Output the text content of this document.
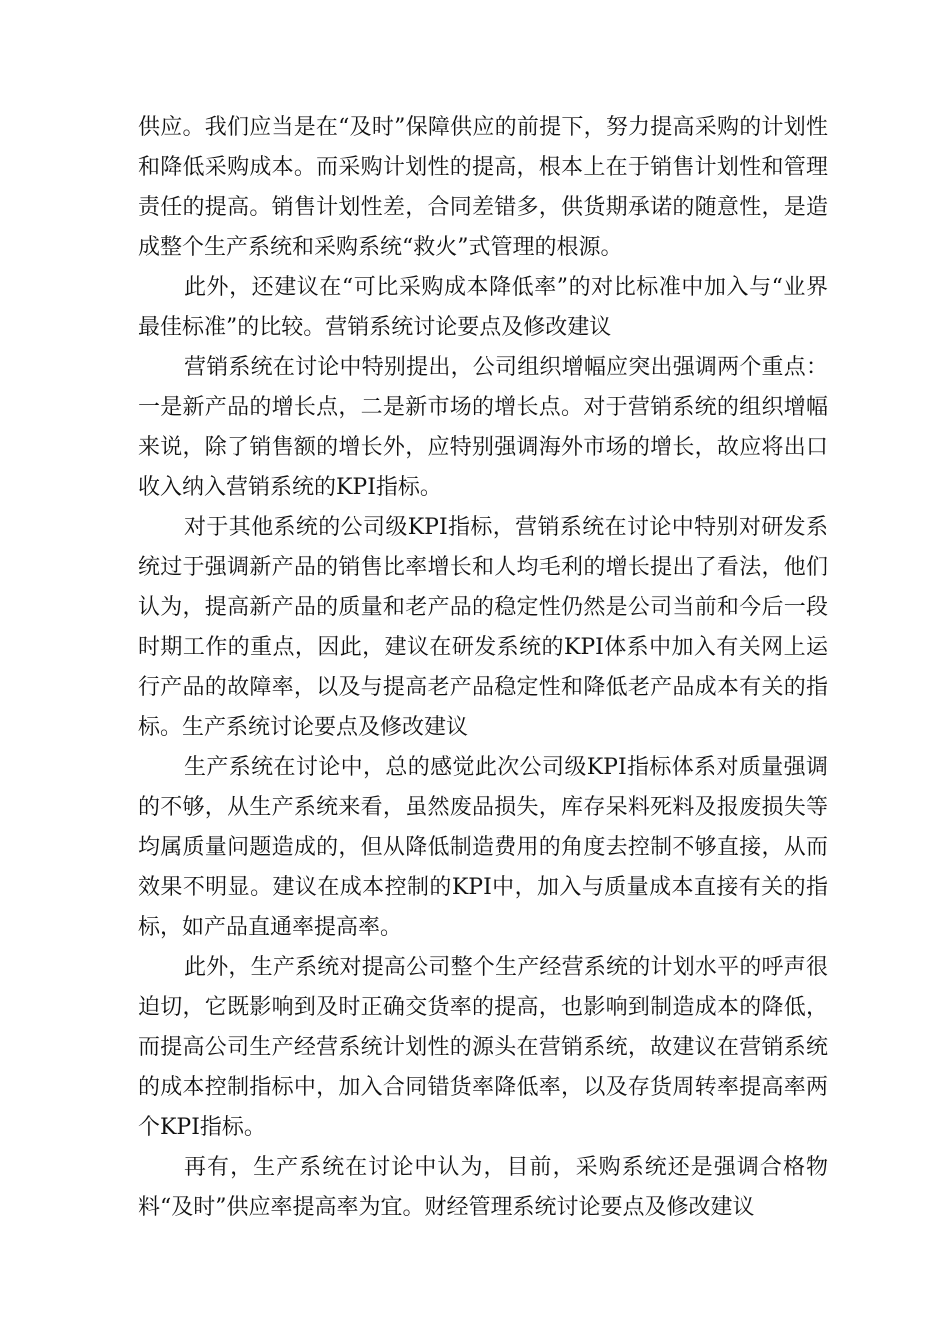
供应。我们应当是在“及时”保障供应的前提下，努力提高采购的计划性和降低采购成本。而采购计划性的提高，根本上在于销售计划性和管理责任的提高。销售计划性差，合同差错多，供货期承诺的随意性，是造成整个生产系统和采购系统“救火”式管理的根源。

此外，还建议在“可比采购成本降低率”的对比标准中加入与“业界最佳标准”的比较。营销系统讨论要点及修改建议

营销系统在讨论中特别提出，公司组织增幅应突出强调两个重点：一是新产品的增长点，二是新市场的增长点。对于营销系统的组织增幅来说，除了销售额的增长外，应特别强调海外市场的增长，故应将出口收入纳入营销系统的KPI指标。

对于其他系统的公司级KPI指标，营销系统在讨论中特别对研发系统过于强调新产品的销售比率增长和人均毛利的增长提出了看法，他们认为，提高新产品的质量和老产品的稳定性仍然是公司当前和今后一段时期工作的重点，因此，建议在研发系统的KPI体系中加入有关网上运行产品的故障率，以及与提高老产品稳定性和降低老产品成本有关的指标。生产系统讨论要点及修改建议

生产系统在讨论中，总的感觉此次公司级KPI指标体系对质量强调的不够，从生产系统来看，虽然废品损失，库存呆料死料及报废损失等均属质量问题造成的，但从降低制造费用的角度去控制不够直接，从而效果不明显。建议在成本控制的KPI中，加入与质量成本直接有关的指标，如产品直通率提高率。

此外，生产系统对提高公司整个生产经营系统的计划水平的呼声很迫切，它既影响到及时正确交货率的提高，也影响到制造成本的降低，而提高公司生产经营系统计划性的源头在营销系统，故建议在营销系统的成本控制指标中，加入合同错货率降低率，以及存货周转率提高率两个KPI指标。

再有，生产系统在讨论中认为，目前，采购系统还是强调合格物料“及时”供应率提高率为宜。财经管理系统讨论要点及修改建议
